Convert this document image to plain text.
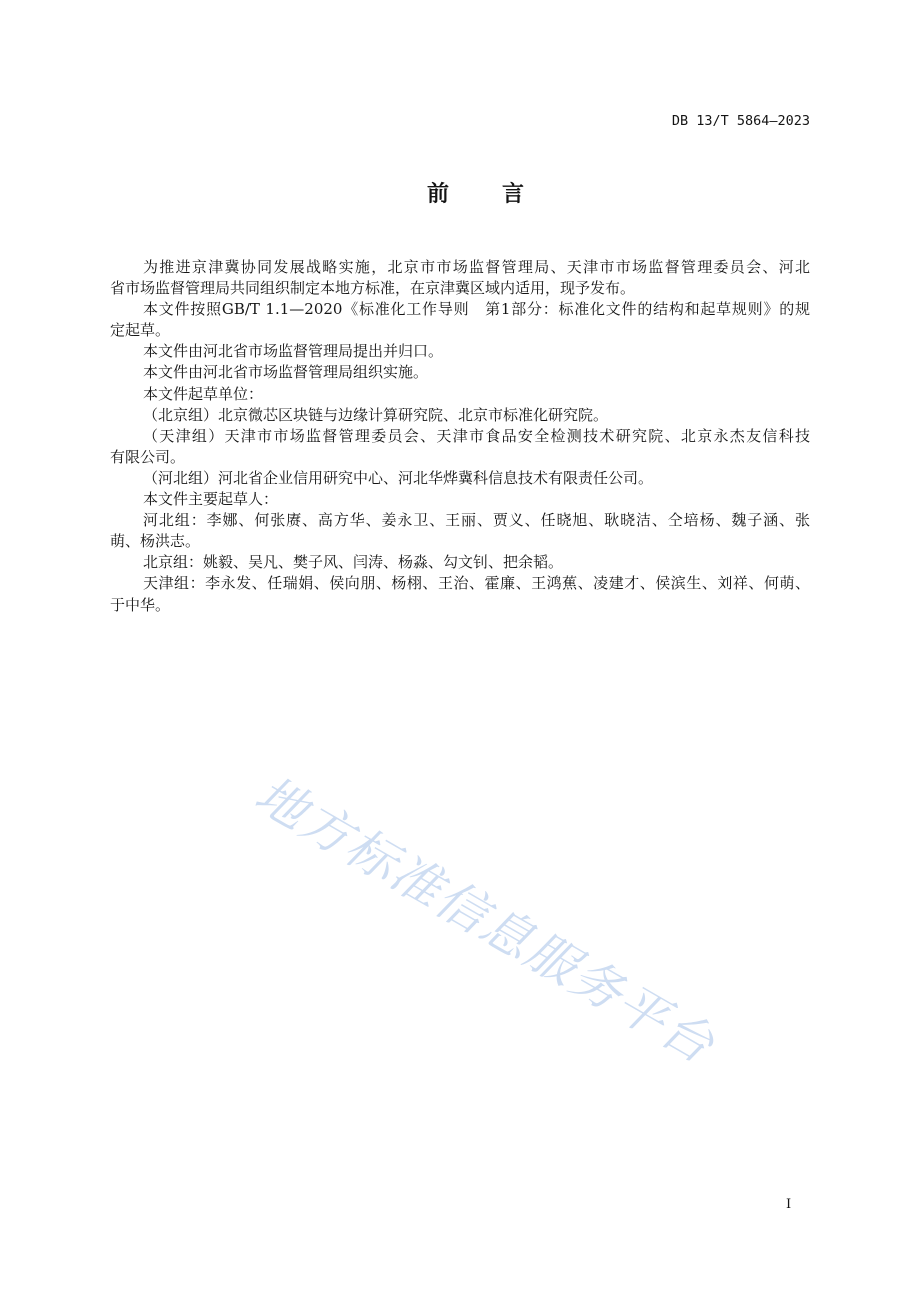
DB 13/T 5864—2023
前　　言
为推进京津冀协同发展战略实施，北京市市场监督管理局、天津市市场监督管理委员会、河北
省市场监督管理局共同组织制定本地方标准，在京津冀区域内适用，现予发布。
本文件按照GB/T 1.1—2020《标准化工作导则　第1部分：标准化文件的结构和起草规则》的规
定起草。
本文件由河北省市场监督管理局提出并归口。
本文件由河北省市场监督管理局组织实施。
本文件起草单位：
（北京组）北京微芯区块链与边缘计算研究院、北京市标准化研究院。
（天津组）天津市市场监督管理委员会、天津市食品安全检测技术研究院、北京永杰友信科技
有限公司。
（河北组）河北省企业信用研究中心、河北华烨冀科信息技术有限责任公司。
本文件主要起草人：
河北组：李娜、何张赓、高方华、姜永卫、王丽、贾义、任晓旭、耿晓洁、仝培杨、魏子涵、张
萌、杨洪志。
北京组：姚毅、吴凡、樊子风、闫涛、杨淼、勾文钊、把余韬。
天津组：李永发、任瑞娟、侯向朋、杨栩、王治、霍廉、王鸿蕉、凌建才、侯滨生、刘祥、何萌、
于中华。
地方标准信息服务平台
I
